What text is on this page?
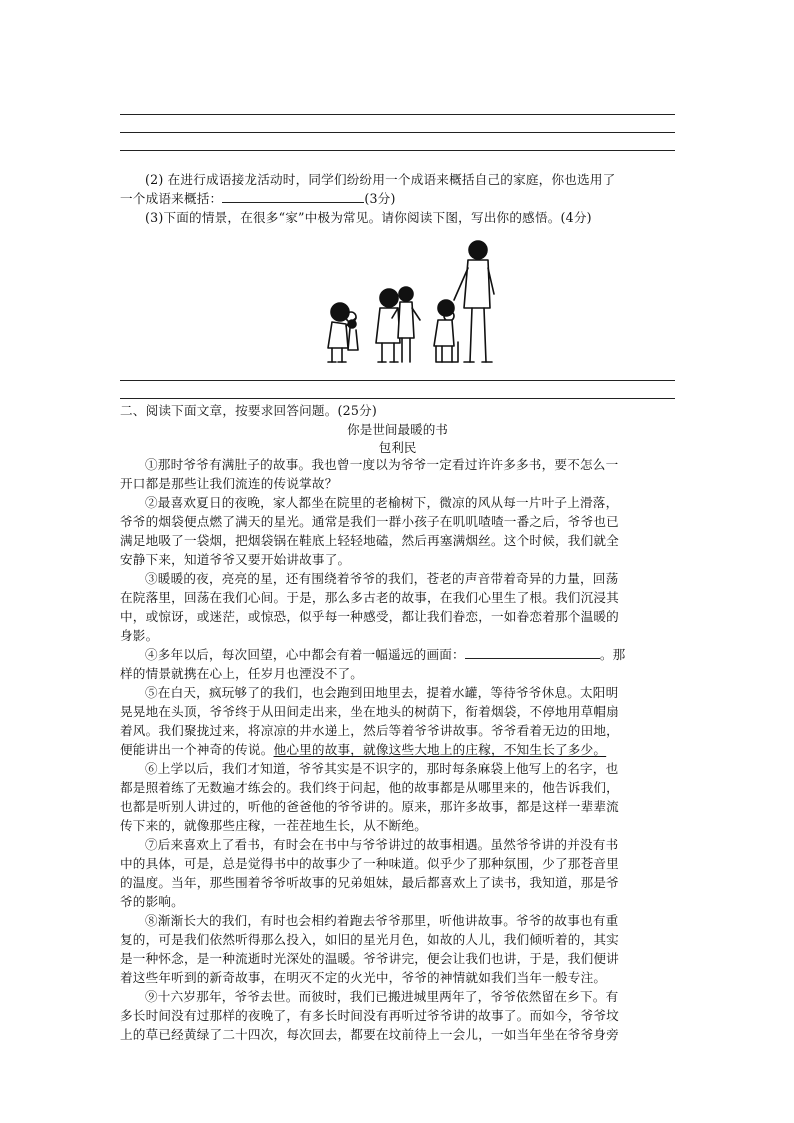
(2) 在进行成语接龙活动时，同学们纷纷用一个成语来概括自己的家庭，你也选用了
一个成语来概括：	(3分)
(3)下面的情景，在很多“家”中极为常见。请你阅读下图，写出你的感悟。(4分)
二、阅读下面文章，按要求回答问题。(25分)
你是世间最暖的书
包利民
①那时爷爷有满肚子的故事。我也曾一度以为爷爷一定看过许许多多书，要不怎么一
开口都是那些让我们流连的传说掌故？
②最喜欢夏日的夜晚，家人都坐在院里的老榆树下，微凉的风从每一片叶子上滑落，
爷爷的烟袋便点燃了满天的星光。通常是我们一群小孩子在叽叽喳喳一番之后，爷爷也已
满足地吸了一袋烟，把烟袋锅在鞋底上轻轻地磕，然后再塞满烟丝。这个时候，我们就全
安静下来，知道爷爷又要开始讲故事了。
③暖暖的夜，亮亮的星，还有围绕着爷爷的我们，苍老的声音带着奇异的力量，回荡
在院落里，回荡在我们心间。于是，那么多古老的故事，在我们心里生了根。我们沉浸其
中，或惊讶，或迷茫，或惊恐，似乎每一种感受，都让我们眷恋，一如眷恋着那个温暖的
身影。
④多年以后，每次回望，心中都会有着一幅遥远的画面：	。那
样的情景就携在心上，任岁月也湮没不了。
⑤在白天，疯玩够了的我们，也会跑到田地里去，提着水罐，等待爷爷休息。太阳明
晃晃地在头顶，爷爷终于从田间走出来，坐在地头的树荫下，衔着烟袋，不停地用草帽扇
着风。我们聚拢过来，将凉凉的井水递上，然后等着爷爷讲故事。爷爷看着无边的田地，
便能讲出一个神奇的传说。他心里的故事，就像这些大地上的庄稼，不知生长了多少。
⑥上学以后，我们才知道，爷爷其实是不识字的，那时每条麻袋上他写上的名字，也
都是照着练了无数遍才练会的。我们终于问起，他的故事都是从哪里来的，他告诉我们，
也都是听别人讲过的，听他的爸爸他的爷爷讲的。原来，那许多故事，都是这样一辈辈流
传下来的，就像那些庄稼，一茬茬地生长，从不断绝。
⑦后来喜欢上了看书，有时会在书中与爷爷讲过的故事相遇。虽然爷爷讲的并没有书
中的具体，可是，总是觉得书中的故事少了一种味道。似乎少了那种氛围，少了那苍音里
的温度。当年，那些围着爷爷听故事的兄弟姐妹，最后都喜欢上了读书，我知道，那是爷
爷的影响。
⑧渐渐长大的我们，有时也会相约着跑去爷爷那里，听他讲故事。爷爷的故事也有重
复的，可是我们依然听得那么投入，如旧的星光月色，如故的人儿，我们倾听着的，其实
是一种怀念，是一种流逝时光深处的温暖。爷爷讲完，便会让我们也讲，于是，我们便讲
着这些年听到的新奇故事，在明灭不定的火光中，爷爷的神情就如我们当年一般专注。
⑨十六岁那年，爷爷去世。而彼时，我们已搬进城里两年了，爷爷依然留在乡下。有
多长时间没有过那样的夜晚了，有多长时间没有再听过爷爷讲的故事了。而如今，爷爷坟
上的草已经黄绿了二十四次，每次回去，都要在坟前待上一会儿，一如当年坐在爷爷身旁
